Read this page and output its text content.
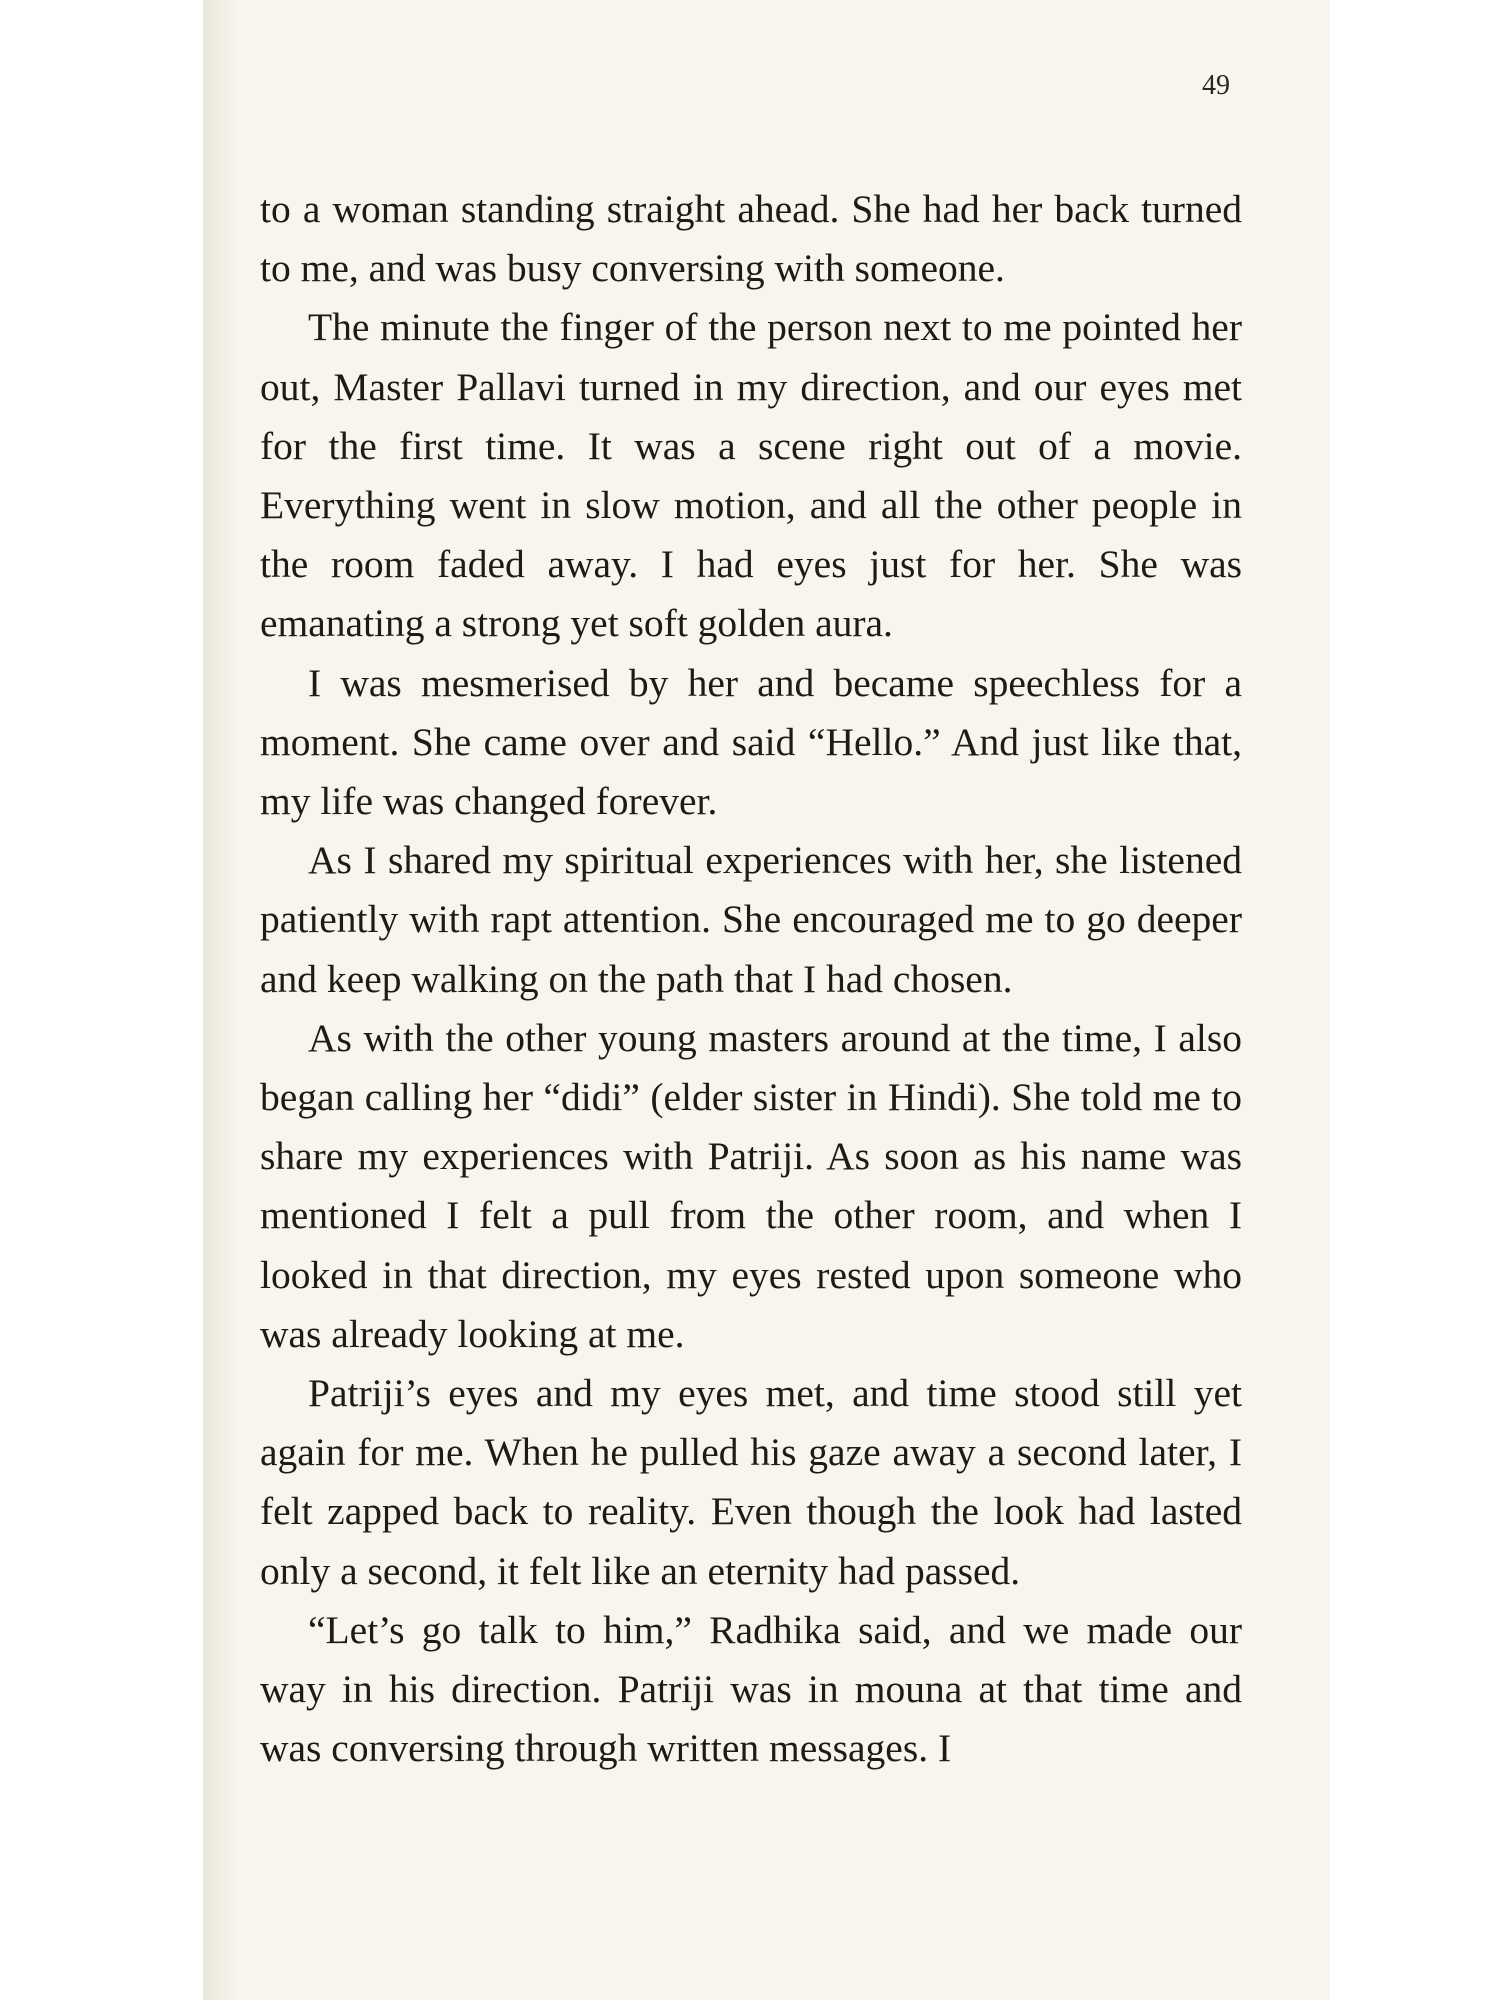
49

to a woman standing straight ahead. She had her back turned to me, and was busy conversing with someone.

The minute the finger of the person next to me pointed her out, Master Pallavi turned in my direction, and our eyes met for the first time. It was a scene right out of a movie. Everything went in slow motion, and all the other people in the room faded away. I had eyes just for her. She was emanating a strong yet soft golden aura.

I was mesmerised by her and became speechless for a moment. She came over and said “Hello.” And just like that, my life was changed forever.

As I shared my spiritual experiences with her, she listened patiently with rapt attention. She encouraged me to go deeper and keep walking on the path that I had chosen.

As with the other young masters around at the time, I also began calling her “didi” (elder sister in Hindi). She told me to share my experiences with Patriji. As soon as his name was mentioned I felt a pull from the other room, and when I looked in that direction, my eyes rested upon someone who was already looking at me.

Patriji’s eyes and my eyes met, and time stood still yet again for me. When he pulled his gaze away a second later, I felt zapped back to reality. Even though the look had lasted only a second, it felt like an eternity had passed.

“Let’s go talk to him,” Radhika said, and we made our way in his direction. Patriji was in mouna at that time and was conversing through written messages. I
